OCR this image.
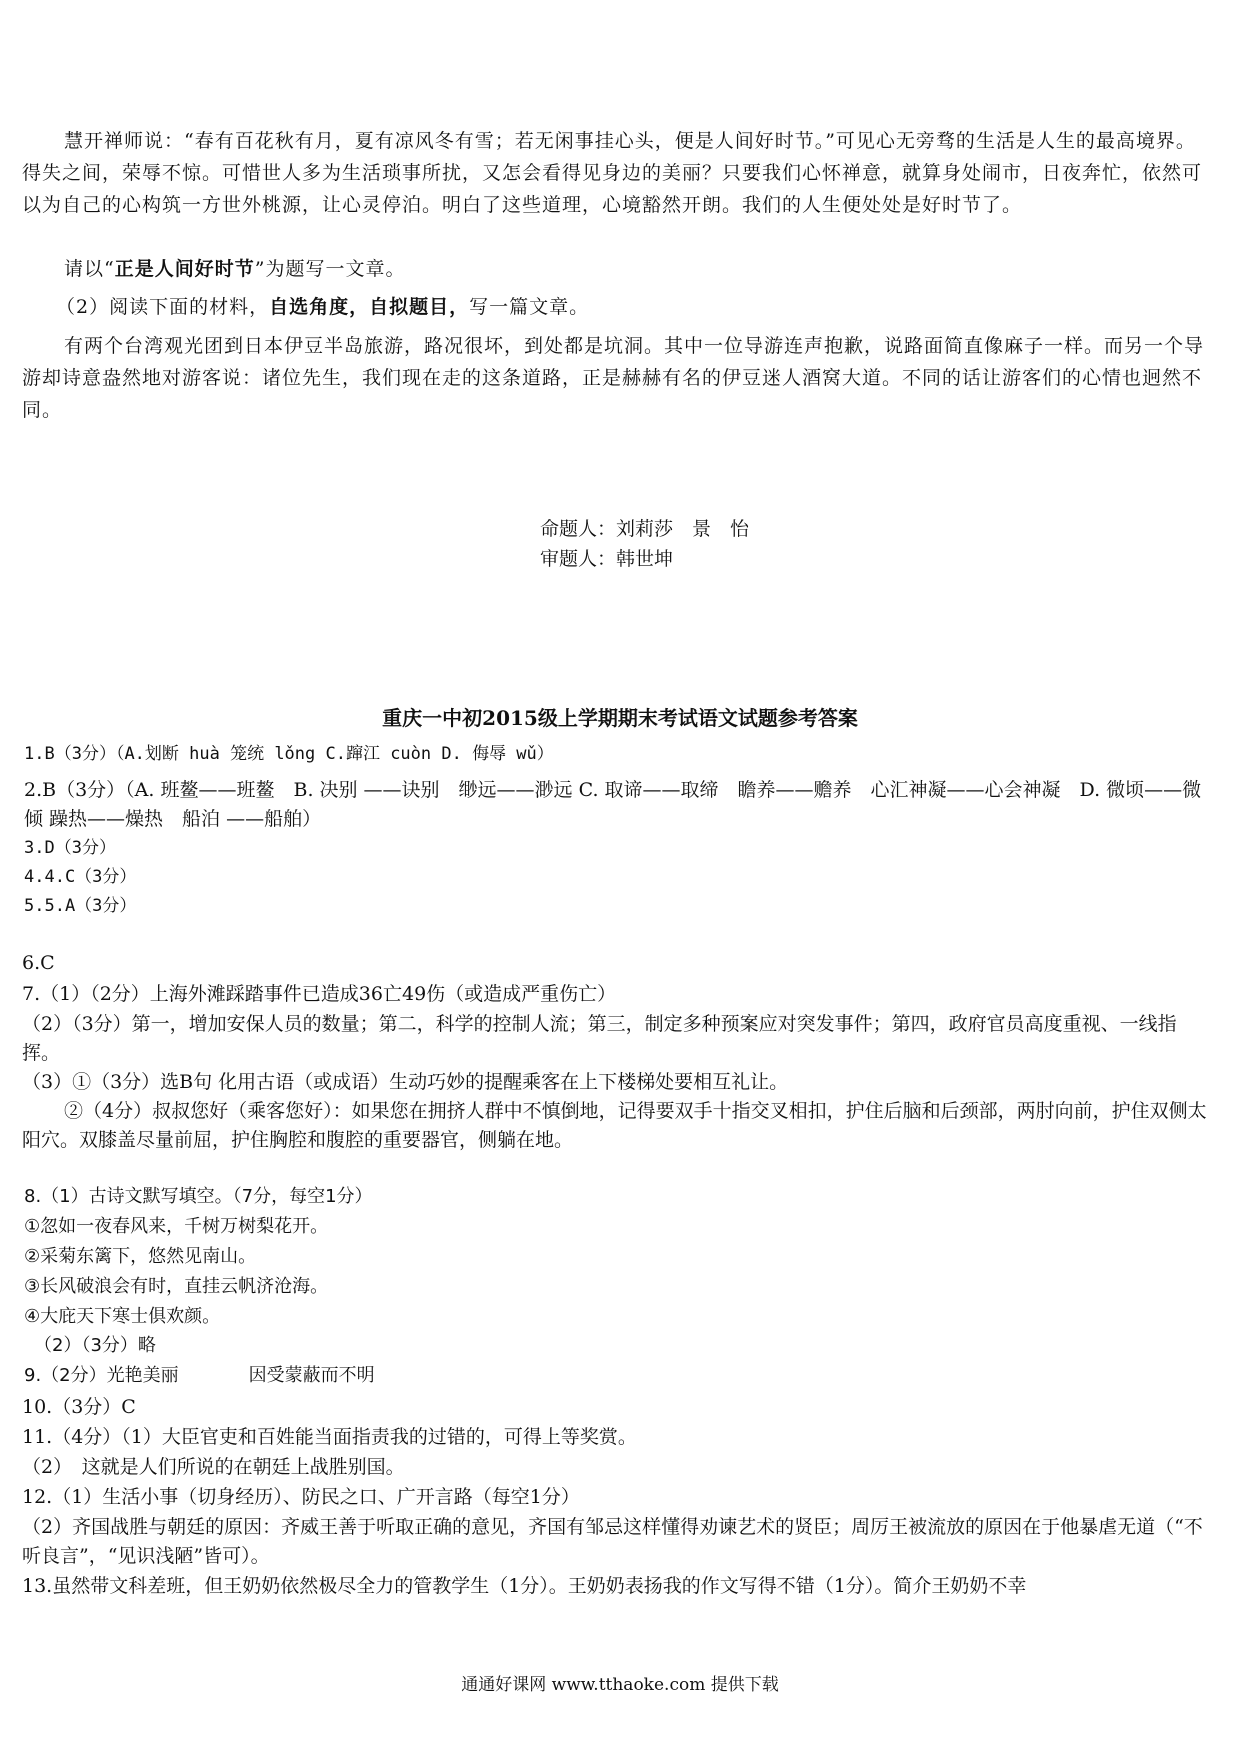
慧开禅师说：“春有百花秋有月，夏有凉风冬有雪；若无闲事挂心头，便是人间好时节。”可见心无旁骛的生活是人生的最高境界。得失之间，荣辱不惊。可惜世人多为生活琐事所扰，又怎会看得见身边的美丽？只要我们心怀禅意，就算身处闹市，日夜奔忙，依然可以为自己的心构筑一方世外桃源，让心灵停泊。明白了这些道理，心境豁然开朗。我们的人生便处处是好时节了。

请以“正是人间好时节”为题写一文章。

（2）阅读下面的材料，自选角度，自拟题目，写一篇文章。

有两个台湾观光团到日本伊豆半岛旅游，路况很坏，到处都是坑洞。其中一位导游连声抱歉，说路面简直像麻子一样。而另一个导游却诗意盎然地对游客说：诸位先生，我们现在走的这条道路，正是赫赫有名的伊豆迷人酒窝大道。不同的话让游客们的心情也迥然不同。

命题人：刘莉莎　景　怡

审题人：韩世坤

重庆一中初2015级上学期期末考试语文试题参考答案

1.B（3分）（A.划断 huà 笼统 lǒng C.蹿江 cuòn D. 侮辱 wǔ）

2.B（3分）（A. 班鳌——班鳌　B. 决别 ——诀别　缈远——渺远 C. 取谛——取缔　瞻养——赡养　心汇神凝——心会神凝　D. 微顷——微倾 躁热——燥热　船泊 ——船舶）

3.D（3分）

4.4.C（3分）

5.5.A（3分）

6.C

7.（1）（2分）上海外滩踩踏事件已造成36亡49伤（或造成严重伤亡）

（2）（3分）第一，增加安保人员的数量；第二，科学的控制人流；第三，制定多种预案应对突发事件；第四，政府官员高度重视、一线指挥。

（3）①（3分）选B句 化用古语（或成语）生动巧妙的提醒乘客在上下楼梯处要相互礼让。

②（4分）叔叔您好（乘客您好）：如果您在拥挤人群中不慎倒地，记得要双手十指交叉相扣，护住后脑和后颈部，两肘向前，护住双侧太阳穴。双膝盖尽量前屈，护住胸腔和腹腔的重要器官，侧躺在地。

8.（1）古诗文默写填空。（7分，每空1分）

①忽如一夜春风来，千树万树梨花开。

②采菊东篱下，悠然见南山。

③长风破浪会有时，直挂云帆济沧海。

④大庇天下寒士俱欢颜。

（2）（3分）略

9.（2分）光艳美丽	因受蒙蔽而不明

10.（3分）C

11.（4分）（1）大臣官吏和百姓能当面指责我的过错的，可得上等奖赏。

（2）　这就是人们所说的在朝廷上战胜别国。

12.（1）生活小事（切身经历）、防民之口、广开言路（每空1分）

（2）齐国战胜与朝廷的原因：齐威王善于听取正确的意见，齐国有邹忌这样懂得劝谏艺术的贤臣；周厉王被流放的原因在于他暴虐无道（“不听良言”，“见识浅陋”皆可）。

13.虽然带文科差班，但王奶奶依然极尽全力的管教学生（1分）。王奶奶表扬我的作文写得不错（1分）。简介王奶奶不幸

通通好课网 www.tthaoke.com 提供下载
